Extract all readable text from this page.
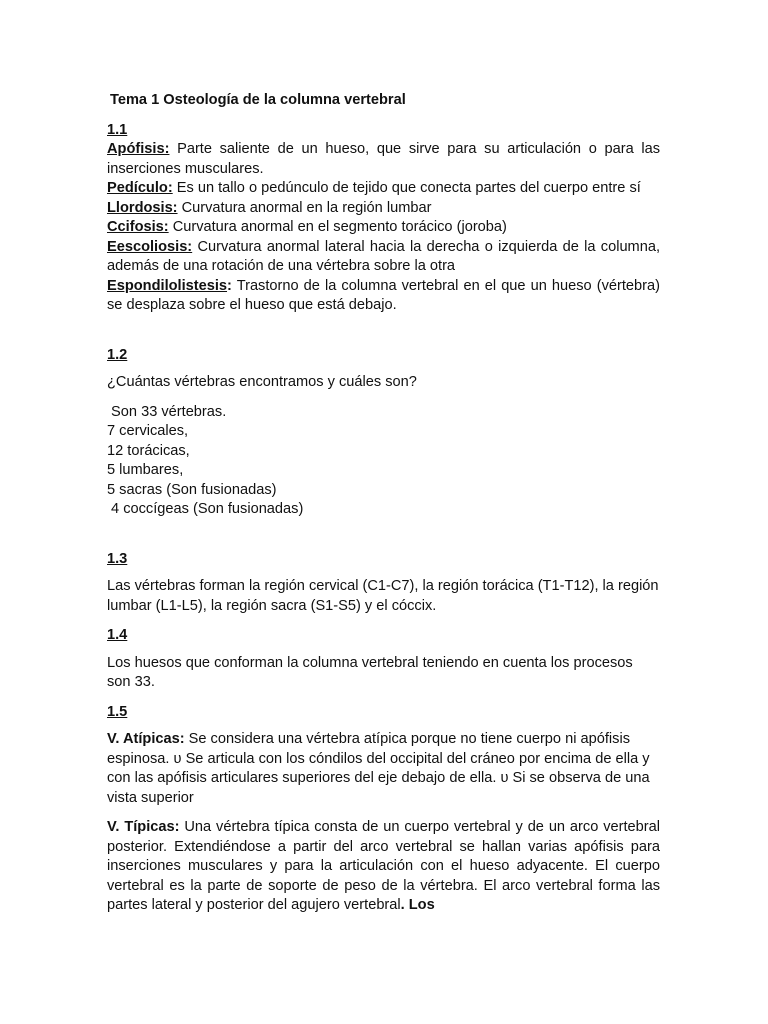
Tema 1 Osteología de la columna vertebral
1.1

Apófisis: Parte saliente de un hueso, que sirve para su articulación o para las inserciones musculares.

Pedículo: Es un tallo o pedúnculo de tejido que conecta partes del cuerpo entre sí

Llordosis: Curvatura anormal en la región lumbar

Ccifosis: Curvatura anormal en el segmento torácico (joroba)

Eescoliosis: Curvatura anormal lateral hacia la derecha o izquierda de la columna, además de una rotación de una vértebra sobre la otra

Espondilolistesis: Trastorno de la columna vertebral en el que un hueso (vértebra) se desplaza sobre el hueso que está debajo.

1.2

¿Cuántas vértebras encontramos y cuáles son?

Son 33 vértebras.

7 cervicales,

12 torácicas,

5 lumbares,

5 sacras (Son fusionadas)

4 coccígeas (Son fusionadas)

1.3

Las vértebras forman la región cervical (C1-C7), la región torácica (T1-T12), la región lumbar (L1-L5), la región sacra (S1-S5) y el cóccix.

1.4

Los huesos que conforman la columna vertebral teniendo en cuenta los procesos son 33.

1.5

V. Atípicas: Se considera una vértebra atípica porque no tiene cuerpo ni apófisis espinosa. υ Se articula con los cóndilos del occipital del cráneo por encima de ella y con las apófisis articulares superiores del eje debajo de ella. υ Si se observa de una vista superior

V. Típicas: Una vértebra típica consta de un cuerpo vertebral y de un arco vertebral posterior. Extendiéndose a partir del arco vertebral se hallan varias apófisis para inserciones musculares y para la articulación con el hueso adyacente. El cuerpo vertebral es la parte de soporte de peso de la vértebra. El arco vertebral forma las partes lateral y posterior del agujero vertebral. Los
